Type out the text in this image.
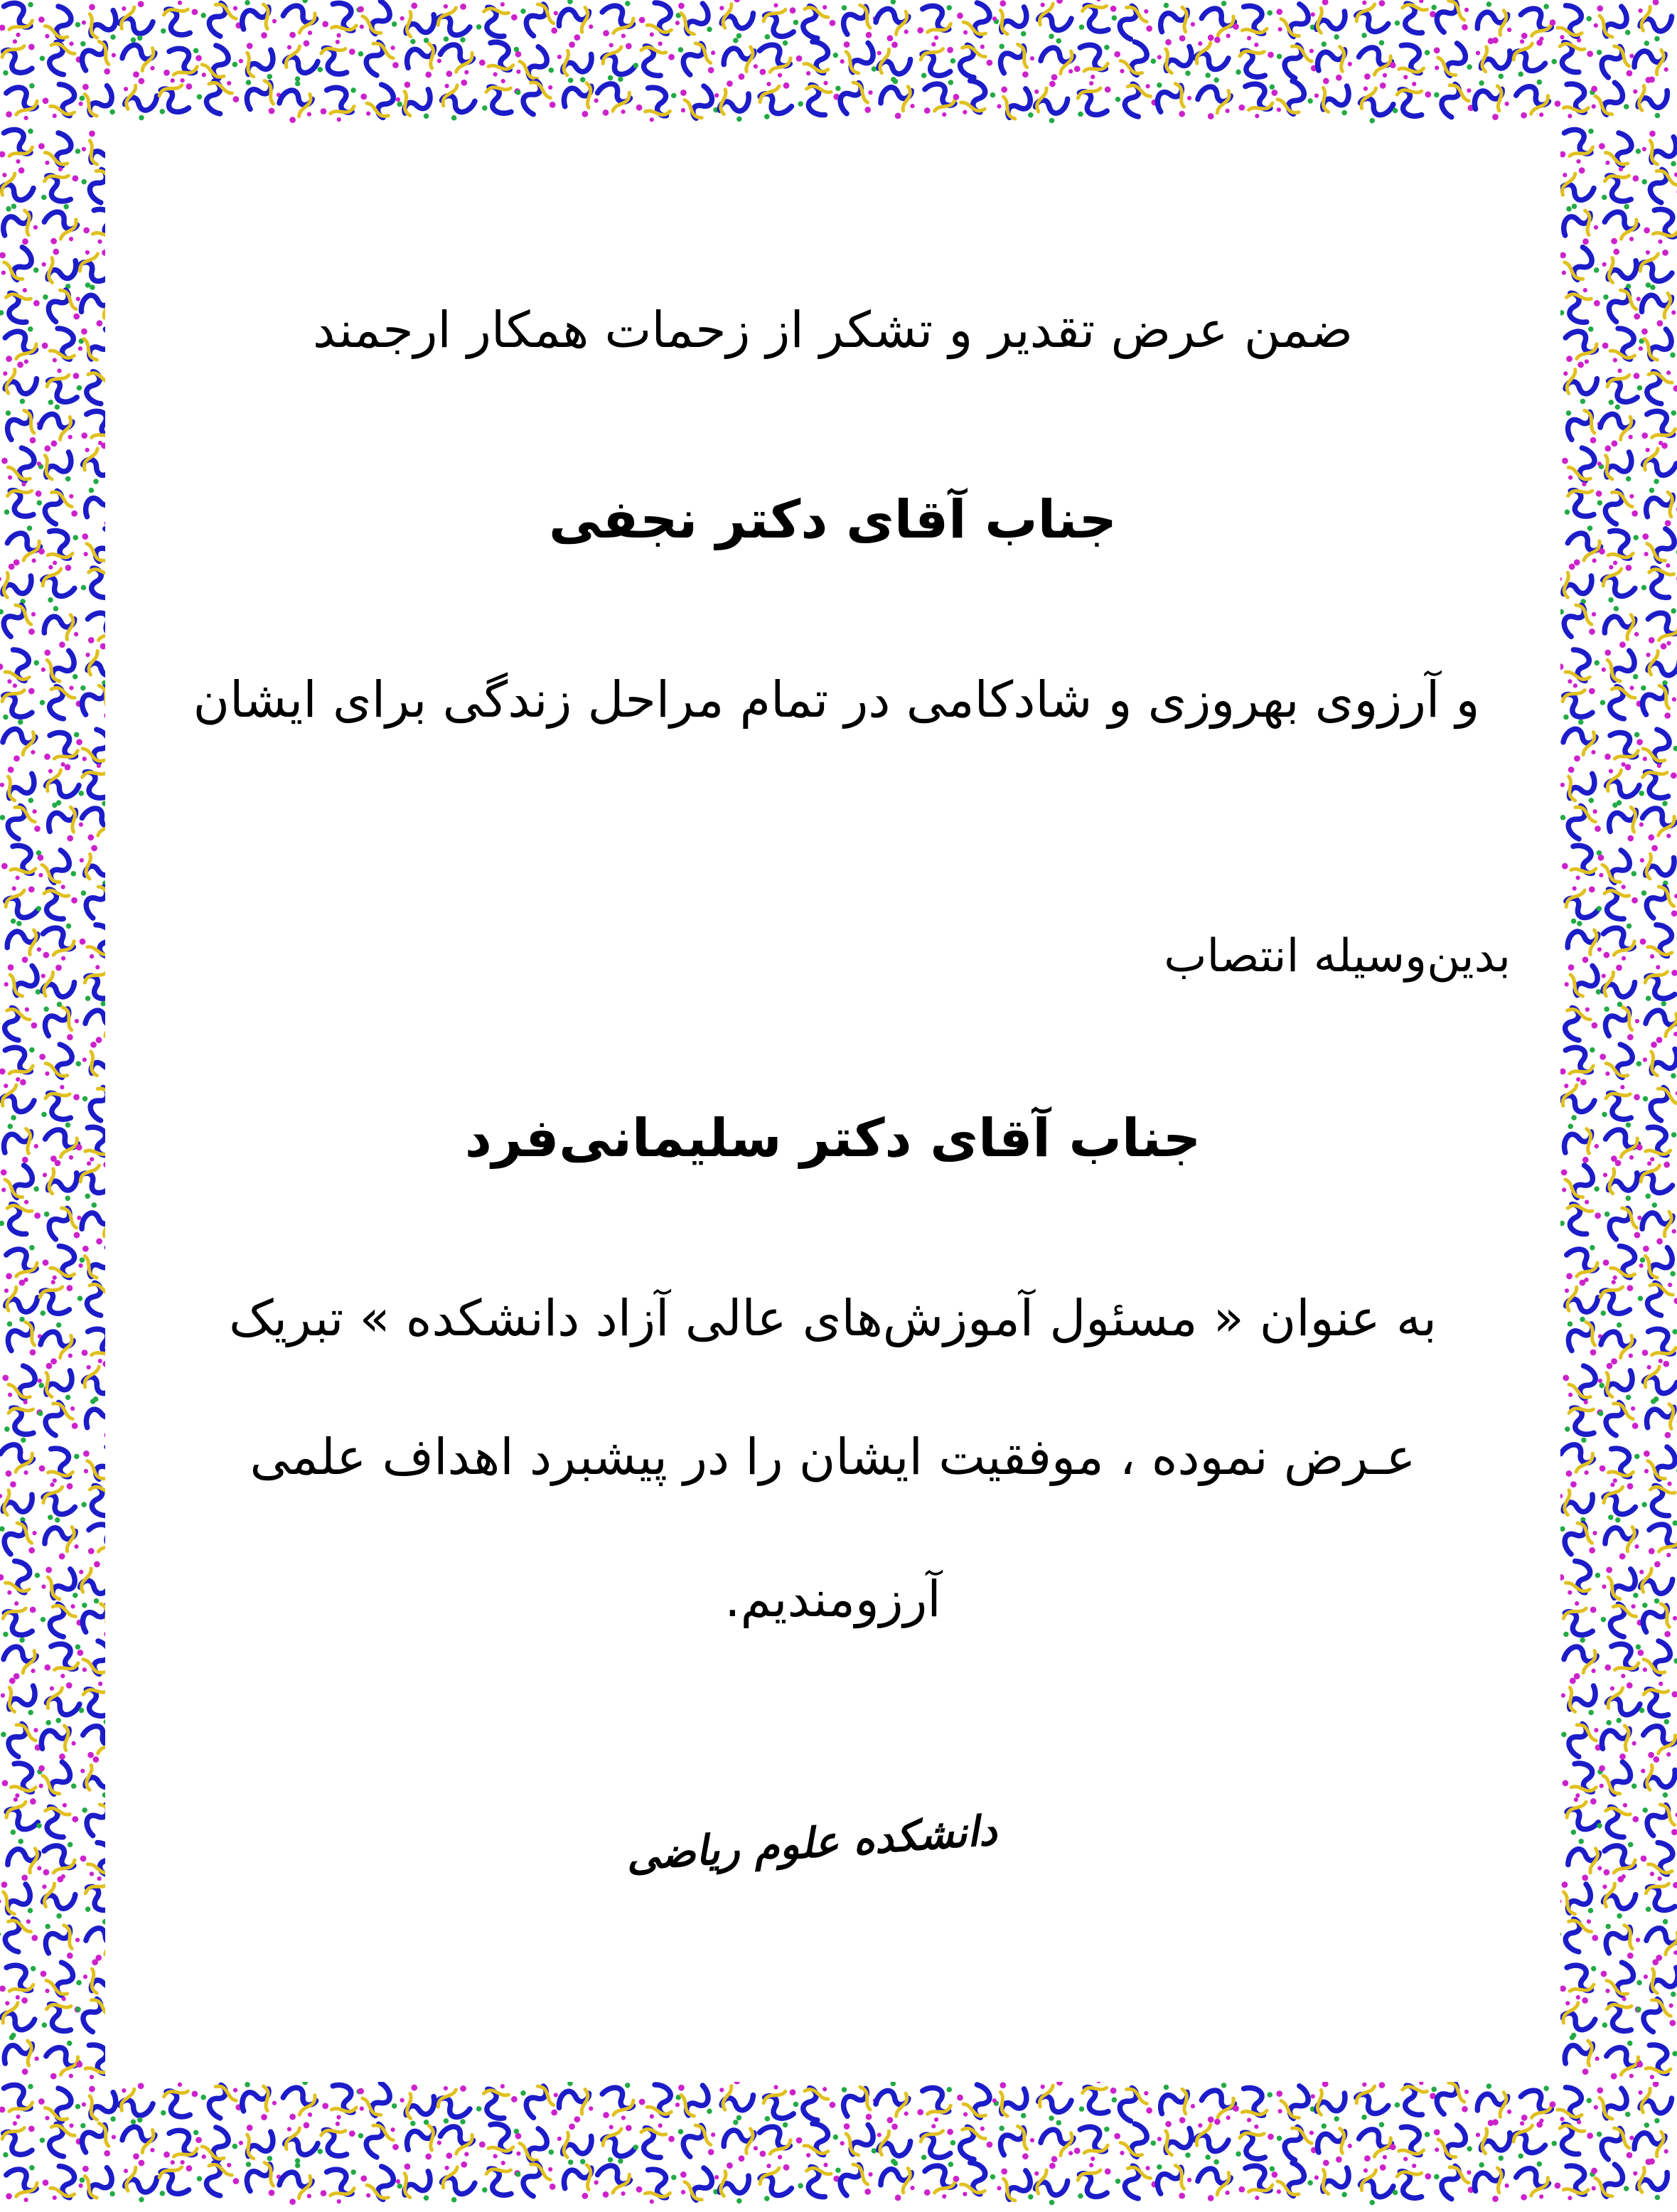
ضمن عرض تقدیر و تشکر از زحمات همکار ارجمند
جناب آقای دکتر نجفی
و آرزوی بهروزی و شادکامی در تمام مراحل زندگی برای ایشان
بدین‌وسیله انتصاب
جناب آقای دکتر سلیمانی‌فرد
به عنوان « مسئول آموزش‌های عالی آزاد دانشکده » تبریک
عـرض نموده ، موفقیت ایشان را در پیشبرد اهداف علمی
آرزومندیم.
دانشکده علوم ریاضی
